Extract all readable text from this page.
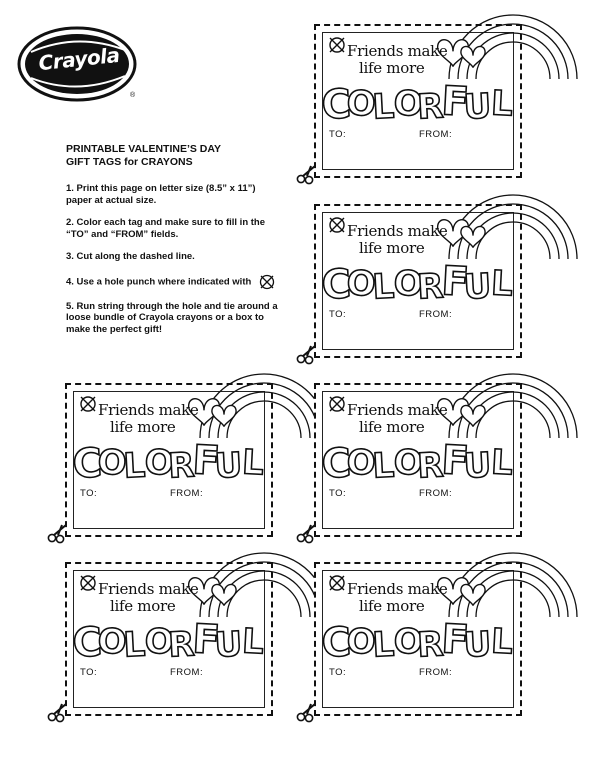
Crayola
®
PRINTABLE VALENTINE’S DAY
GIFT TAGS for CRAYONS
1. Print this page on letter size (8.5” x 11”) paper at actual size.
2. Color each tag and make sure to fill in the “TO” and “FROM” fields.
3. Cut along the dashed line.
4. Use a hole punch where indicated with
5. Run string through the hole and tie around a loose bundle of Crayola crayons or a box to make the perfect gift!
Friends make
life more
C
O
L
O
R
F
U
L
TO:	FROM:
Friends make
life more
C
O
L
O
R
F
U
L
TO:	FROM:
Friends make
life more
C
O
L
O
R
F
U
L
TO:	FROM:
Friends make
life more
C
O
L
O
R
F
U
L
TO:	FROM:
Friends make
life more
C
O
L
O
R
F
U
L
TO:	FROM:
Friends make
life more
C
O
L
O
R
F
U
L
TO:	FROM:
